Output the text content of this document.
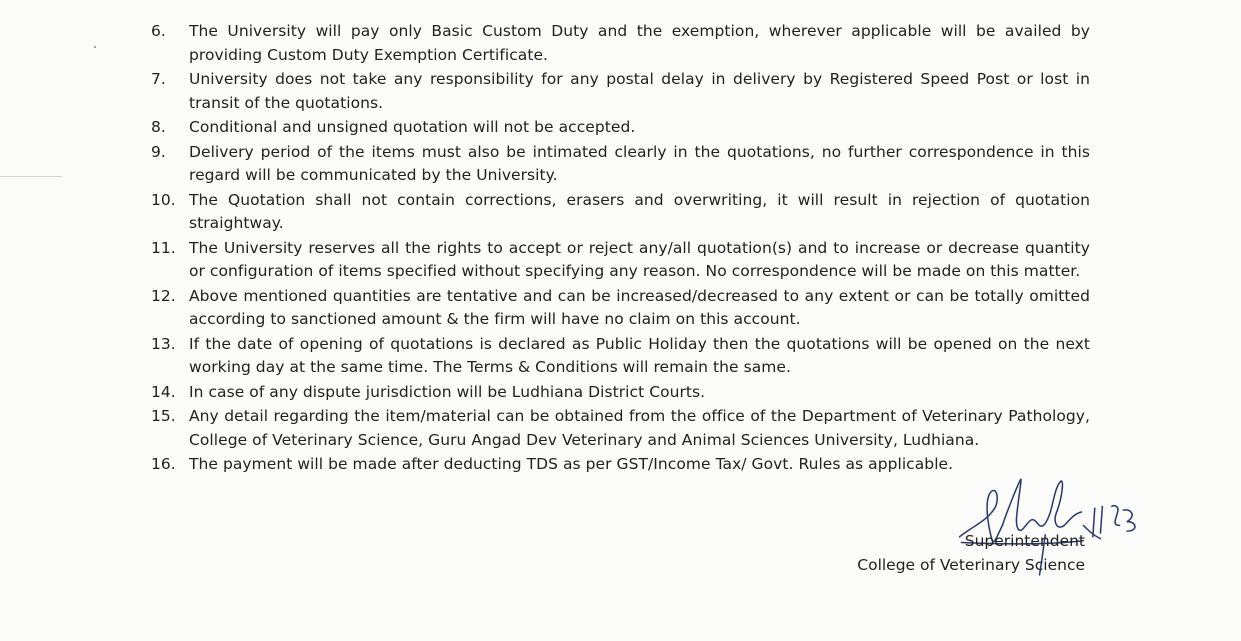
6.	The University will pay only Basic Custom Duty and the exemption, wherever applicable will be availed by providing Custom Duty Exemption Certificate.
7.	University does not take any responsibility for any postal delay in delivery by Registered Speed Post or lost in transit of the quotations.
8.	Conditional and unsigned quotation will not be accepted.
9.	Delivery period of the items must also be intimated clearly in the quotations, no further correspondence in this regard will be communicated by the University.
10. The Quotation shall not contain corrections, erasers and overwriting, it will result in rejection of quotation straightway.
11. The University reserves all the rights to accept or reject any/all quotation(s) and to increase or decrease quantity or configuration of items specified without specifying any reason. No correspondence will be made on this matter.
12. Above mentioned quantities are tentative and can be increased/decreased to any extent or can be totally omitted according to sanctioned amount & the firm will have no claim on this account.
13. If the date of opening of quotations is declared as Public Holiday then the quotations will be opened on the next working day at the same time. The Terms & Conditions will remain the same.
14. In case of any dispute jurisdiction will be Ludhiana District Courts.
15. Any detail regarding the item/material can be obtained from the office of the Department of Veterinary Pathology, College of Veterinary Science, Guru Angad Dev Veterinary and Animal Sciences University, Ludhiana.
16. The payment will be made after deducting TDS as per GST/Income Tax/ Govt. Rules as applicable.
Superintendent
College of Veterinary Science
